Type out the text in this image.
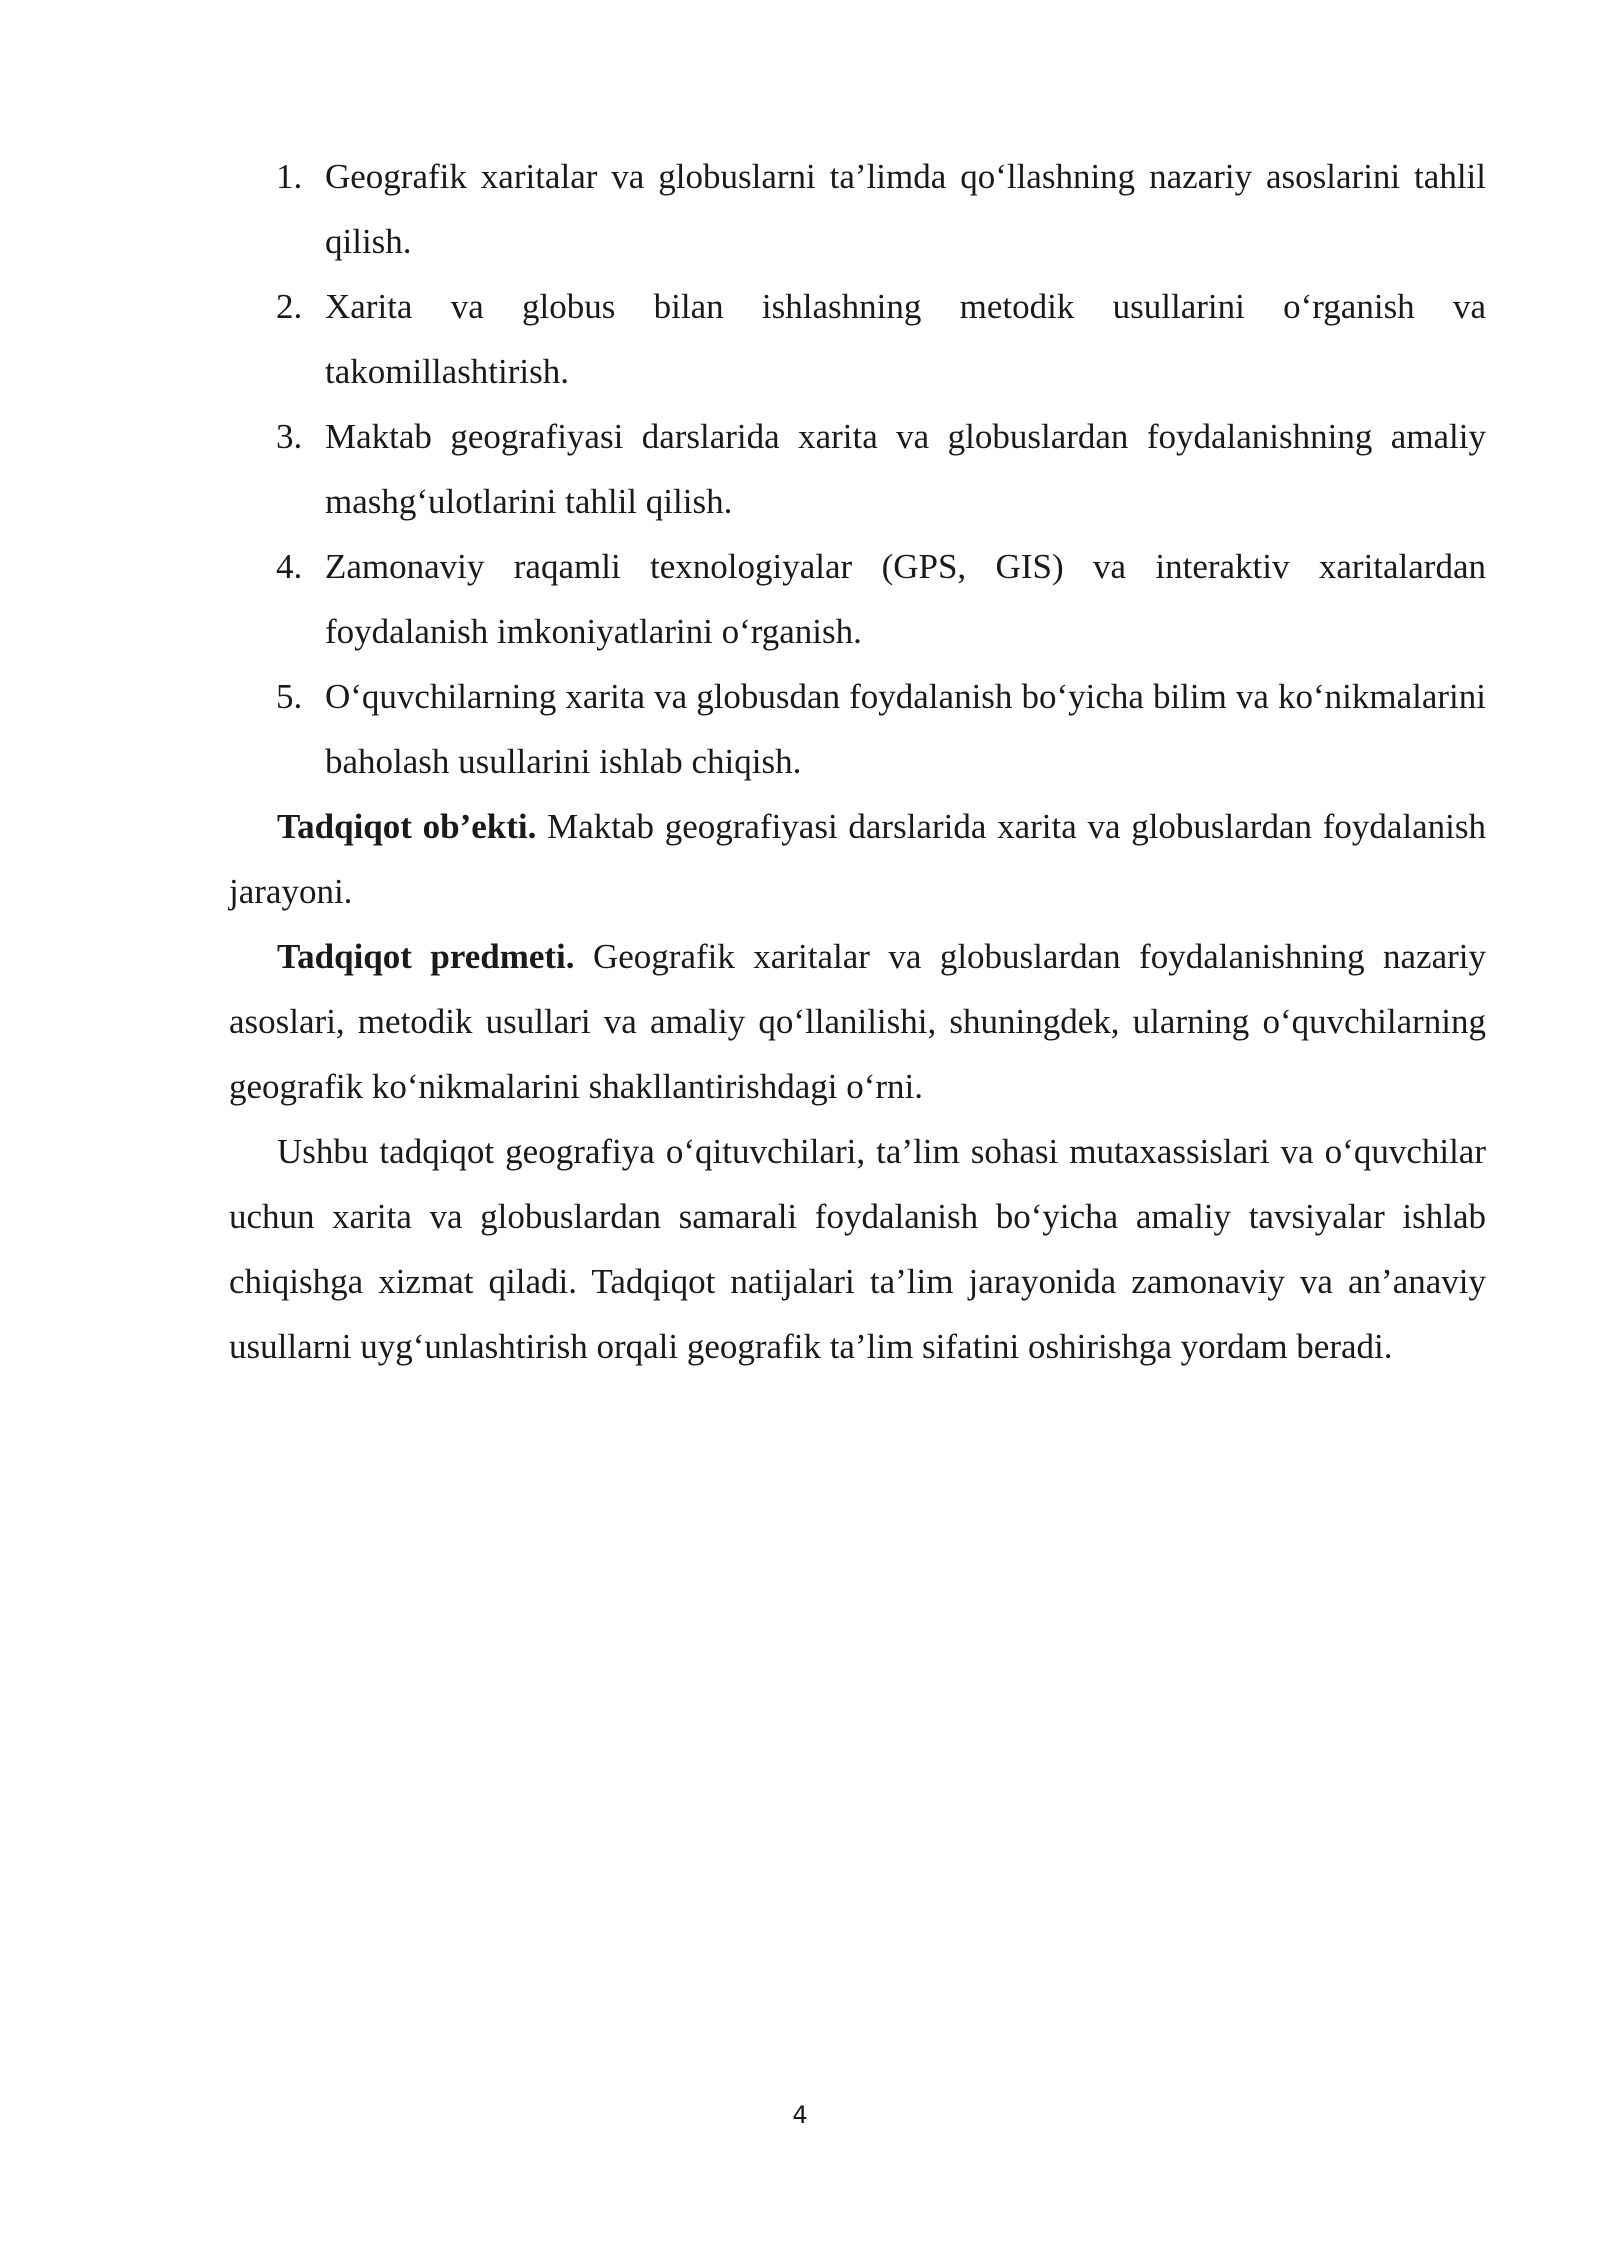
1. Geografik xaritalar va globuslarni ta’limda qo‘llashning nazariy asoslarini tahlil qilish.
2. Xarita va globus bilan ishlashning metodik usullarini o‘rganish va takomillashtirish.
3. Maktab geografiyasi darslarida xarita va globuslardan foydalanishning amaliy mashg‘ulotlarini tahlil qilish.
4. Zamonaviy raqamli texnologiyalar (GPS, GIS) va interaktiv xaritalardan foydalanish imkoniyatlarini o‘rganish.
5. O‘quvchilarning xarita va globusdan foydalanish bo‘yicha bilim va ko‘nikmalarini baholash usullarini ishlab chiqish.

Tadqiqot ob’ekti. Maktab geografiyasi darslarida xarita va globuslardan foydalanish jarayoni.

Tadqiqot predmeti. Geografik xaritalar va globuslardan foydalanishning nazariy asoslari, metodik usullari va amaliy qo‘llanilishi, shuningdek, ularning o‘quvchilarning geografik ko‘nikmalarini shakllantirishdagi o‘rni.

Ushbu tadqiqot geografiya o‘qituvchilari, ta’lim sohasi mutaxassislari va o‘quvchilar uchun xarita va globuslardan samarali foydalanish bo‘yicha amaliy tavsiyalar ishlab chiqishga xizmat qiladi. Tadqiqot natijalari ta’lim jarayonida zamonaviy va an’anaviy usullarni uyg‘unlashtirish orqali geografik ta’lim sifatini oshirishga yordam beradi.

4
